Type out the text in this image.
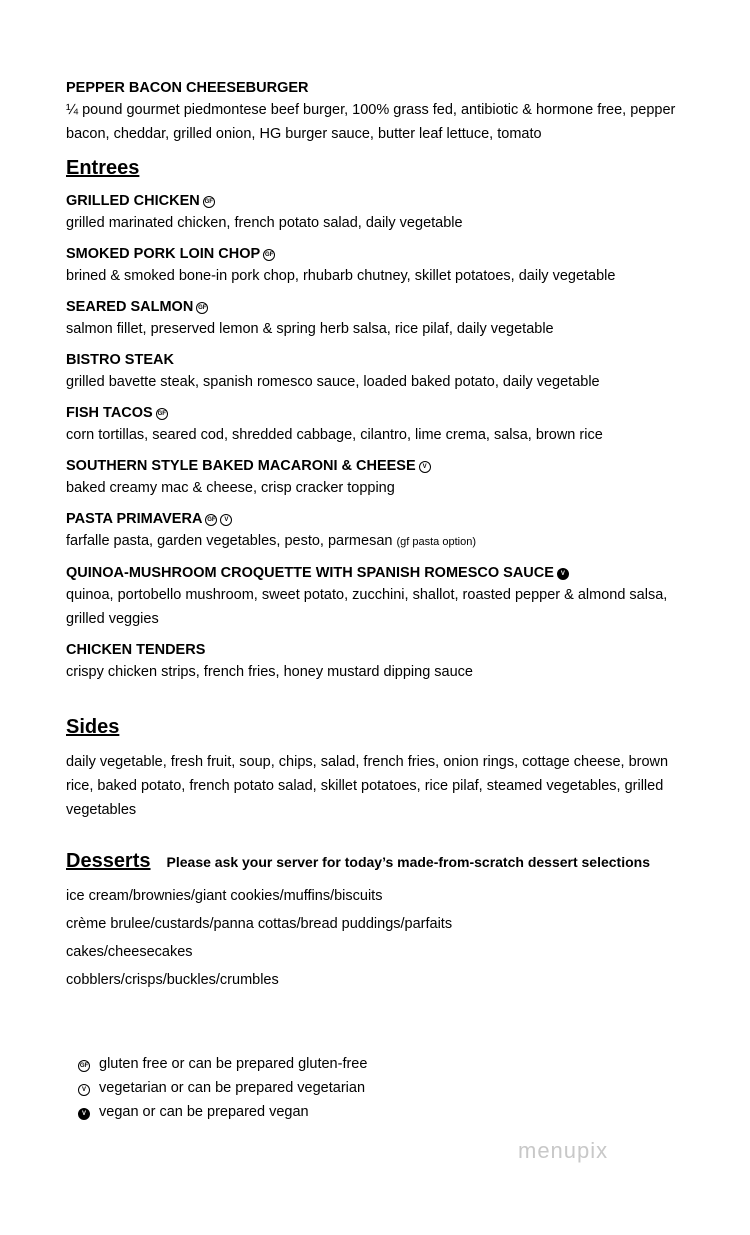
PEPPER BACON CHEESEBURGER
¼ pound gourmet piedmontese beef burger, 100% grass fed, antibiotic & hormone free, pepper bacon, cheddar, grilled onion, HG burger sauce, butter leaf lettuce, tomato
Entrees
GRILLED CHICKEN GF
grilled marinated chicken, french potato salad, daily vegetable
SMOKED PORK LOIN CHOP GF
brined & smoked bone-in pork chop, rhubarb chutney, skillet potatoes, daily vegetable
SEARED SALMON GF
salmon fillet, preserved lemon & spring herb salsa, rice pilaf, daily vegetable
BISTRO STEAK
grilled bavette steak, spanish romesco sauce, loaded baked potato, daily vegetable
FISH TACOS GF
corn tortillas, seared cod, shredded cabbage, cilantro, lime crema, salsa, brown rice
SOUTHERN STYLE BAKED MACARONI & CHEESE V
baked creamy mac & cheese, crisp cracker topping
PASTA PRIMAVERA GF V
farfalle pasta, garden vegetables, pesto, parmesan (gf pasta option)
QUINOA-MUSHROOM CROQUETTE WITH SPANISH ROMESCO SAUCE V
quinoa, portobello mushroom, sweet potato, zucchini, shallot, roasted pepper & almond salsa, grilled veggies
CHICKEN TENDERS
crispy chicken strips, french fries, honey mustard dipping sauce
Sides
daily vegetable, fresh fruit, soup, chips, salad, french fries, onion rings, cottage cheese, brown rice, baked potato, french potato salad, skillet potatoes, rice pilaf, steamed vegetables, grilled vegetables
Desserts Please ask your server for today’s made-from-scratch dessert selections
ice cream/brownies/giant cookies/muffins/biscuits
crème brulee/custards/panna cottas/bread puddings/parfaits
cakes/cheesecakes
cobblers/crisps/buckles/crumbles
GF gluten free or can be prepared gluten-free
V vegetarian or can be prepared vegetarian
V vegan or can be prepared vegan
menupix
